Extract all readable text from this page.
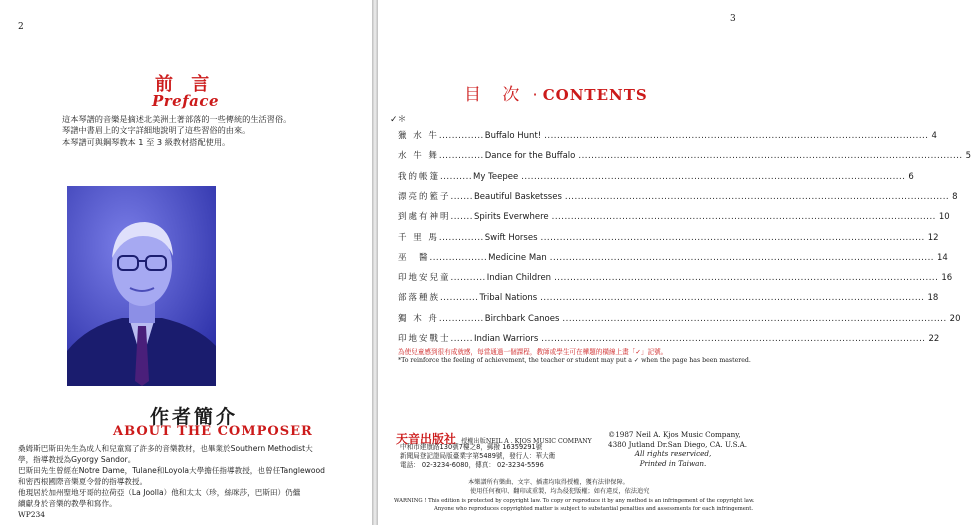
2
前 言
Preface
這本琴譜的音樂是摘述北美洲土著部落的一些傳統的生活習俗。
琴譜中書眉上的文字詳細地說明了這些習俗的由來。
本琴譜可與鋼琴教本 1 至 3 級教材搭配使用。
作者簡介
ABOUT THE COMPOSER
桑姆斯巴斯田先生為成人和兒童寫了許多的音樂教材，也畢業於Southern Methodist大
學，指導教授為Gyorgy Sandor。
巴斯田先生曾經在Notre Dame，Tulane和Loyola大學擔任指導教授，也曾任Tanglewood
和密西根國際音樂夏令營的指導教授。
他現居於加州聖地牙哥的拉荷亞（La Joolla）他和太太（珍，絲咪莎，巴斯田）仍繼
續獻身於音樂的教學和寫作。
WP234
3
目 次 · CONTENTS
✓＊
獵 水 牛 .............. Buffalo Hunt! ........................................................................................................................ 4
水 牛 舞 .............. Dance for the Buffalo ........................................................................................................................ 5
我的帳篷 .......... My Teepee ........................................................................................................................ 6
漂亮的籃子 ....... Beautiful Basketsses ........................................................................................................................ 8
到處有神明 ....... Spirits Everwhere ........................................................................................................................ 10
千 里 馬 .............. Swift Horses ........................................................................................................................ 12
巫　醫 .................. Medicine Man ........................................................................................................................ 14
印地安兒童 ........... Indian Children ........................................................................................................................ 16
部落種族 ............ Tribal Nations ........................................................................................................................ 18
獨 木 舟 .............. Birchbark Canoes ........................................................................................................................ 20
印地安戰士 ....... Indian Warriors ........................................................................................................................ 22
為使兒童感到很有成就感，每當通過一個課程，教師或學生可在樺題的橫線上畫「✓」記號。
*To reinforce the feeling of achievement, the teacher or student may put a ✓ when the page has been mastered.
天音出版社 授權出版NEIL A . KJOS MUSIC COMPANY
中和市建康路130號7樓之8，郵撥 16359291號
新聞局登記證局版臺業字第5489號，發行人：華大衛
電話： 02-3234-6080，傳真： 02-3234-5596
©1987 Neil A. Kjos Music Company,
4380 Jutland Dr.San Diego, CA. U.S.A.
All rights reserviced,
Printed in Taiwan.
本樂譜所有樂曲、文字、插畫均取得授權，獲有法律保障。
使用任何複印、翻印或重製，均為侵犯版權；如有違反，依法追究
WARNING ! This edition is protected by copyright law. To copy or reproduce it by any method is an infringement of the copyright law.
Anyone who reproduces copyrighted matter is subject to substantial penalties and assessments for each infringement.
